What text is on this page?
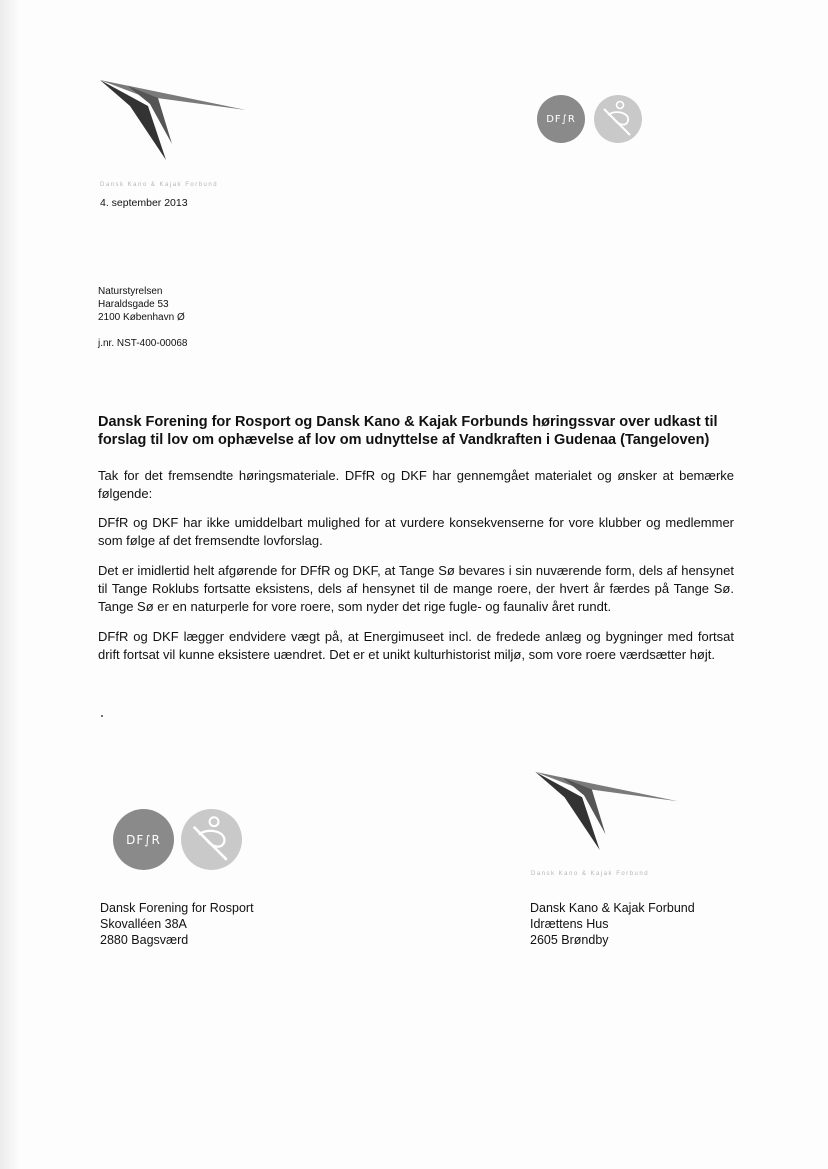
Dansk Kano & Kajak Forbund
DF∫R
4. september 2013
Naturstyrelsen
Haraldsgade 53
2100 København Ø
j.nr. NST-400-00068
Dansk Forening for Rosport og Dansk Kano & Kajak Forbunds høringssvar over udkast til forslag til lov om ophævelse af lov om udnyttelse af Vandkraften i Gudenaa (Tangeloven)
Tak for det fremsendte høringsmateriale. DFfR og DKF har gennemgået materialet og ønsker at bemærke følgende:
DFfR og DKF har ikke umiddelbart mulighed for at vurdere konsekvenserne for vore klubber og medlemmer som følge af det fremsendte lovforslag.
Det er imidlertid helt afgørende for DFfR og DKF, at Tange Sø bevares i sin nuværende form, dels af hensynet til Tange Roklubs fortsatte eksistens, dels af hensynet til de mange roere, der hvert år færdes på Tange Sø. Tange Sø er en naturperle for vore roere, som nyder det rige fugle- og faunaliv året rundt.
DFfR og DKF lægger endvidere vægt på, at Energimuseet incl. de fredede anlæg og bygninger med fortsat drift fortsat vil kunne eksistere uændret. Det er et unikt kulturhistorist miljø, som vore roere værdsætter højt.
DF∫R
Dansk Kano & Kajak Forbund
Dansk Forening for Rosport
Skovalléen 38A
2880 Bagsværd
Dansk Kano & Kajak Forbund
Idrættens Hus
2605 Brøndby
